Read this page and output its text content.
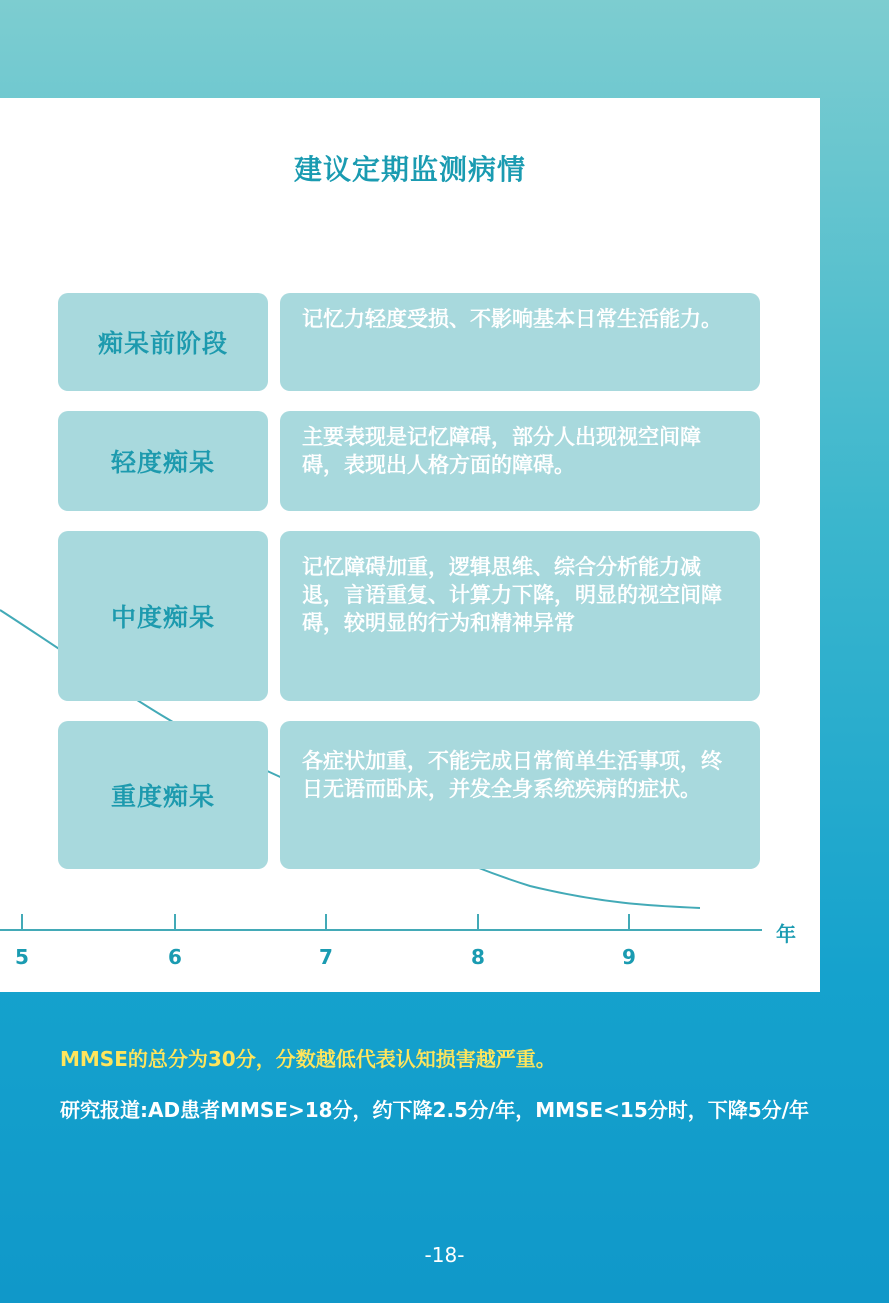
5	6	7	8	9
年
建议定期监测病情
痴呆前阶段
记忆力轻度受损、不影响基本日常生活能力。
轻度痴呆
主要表现是记忆障碍，部分人出现视空间障碍，表现出人格方面的障碍。
中度痴呆
记忆障碍加重，逻辑思维、综合分析能力减退，言语重复、计算力下降，明显的视空间障碍，较明显的行为和精神异常
重度痴呆
各症状加重，不能完成日常简单生活事项，终日无语而卧床，并发全身系统疾病的症状。
MMSE的总分为30分，分数越低代表认知损害越严重。
研究报道:AD患者MMSE>18分，约下降2.5分/年，MMSE<15分时，下降5分/年
-18-
